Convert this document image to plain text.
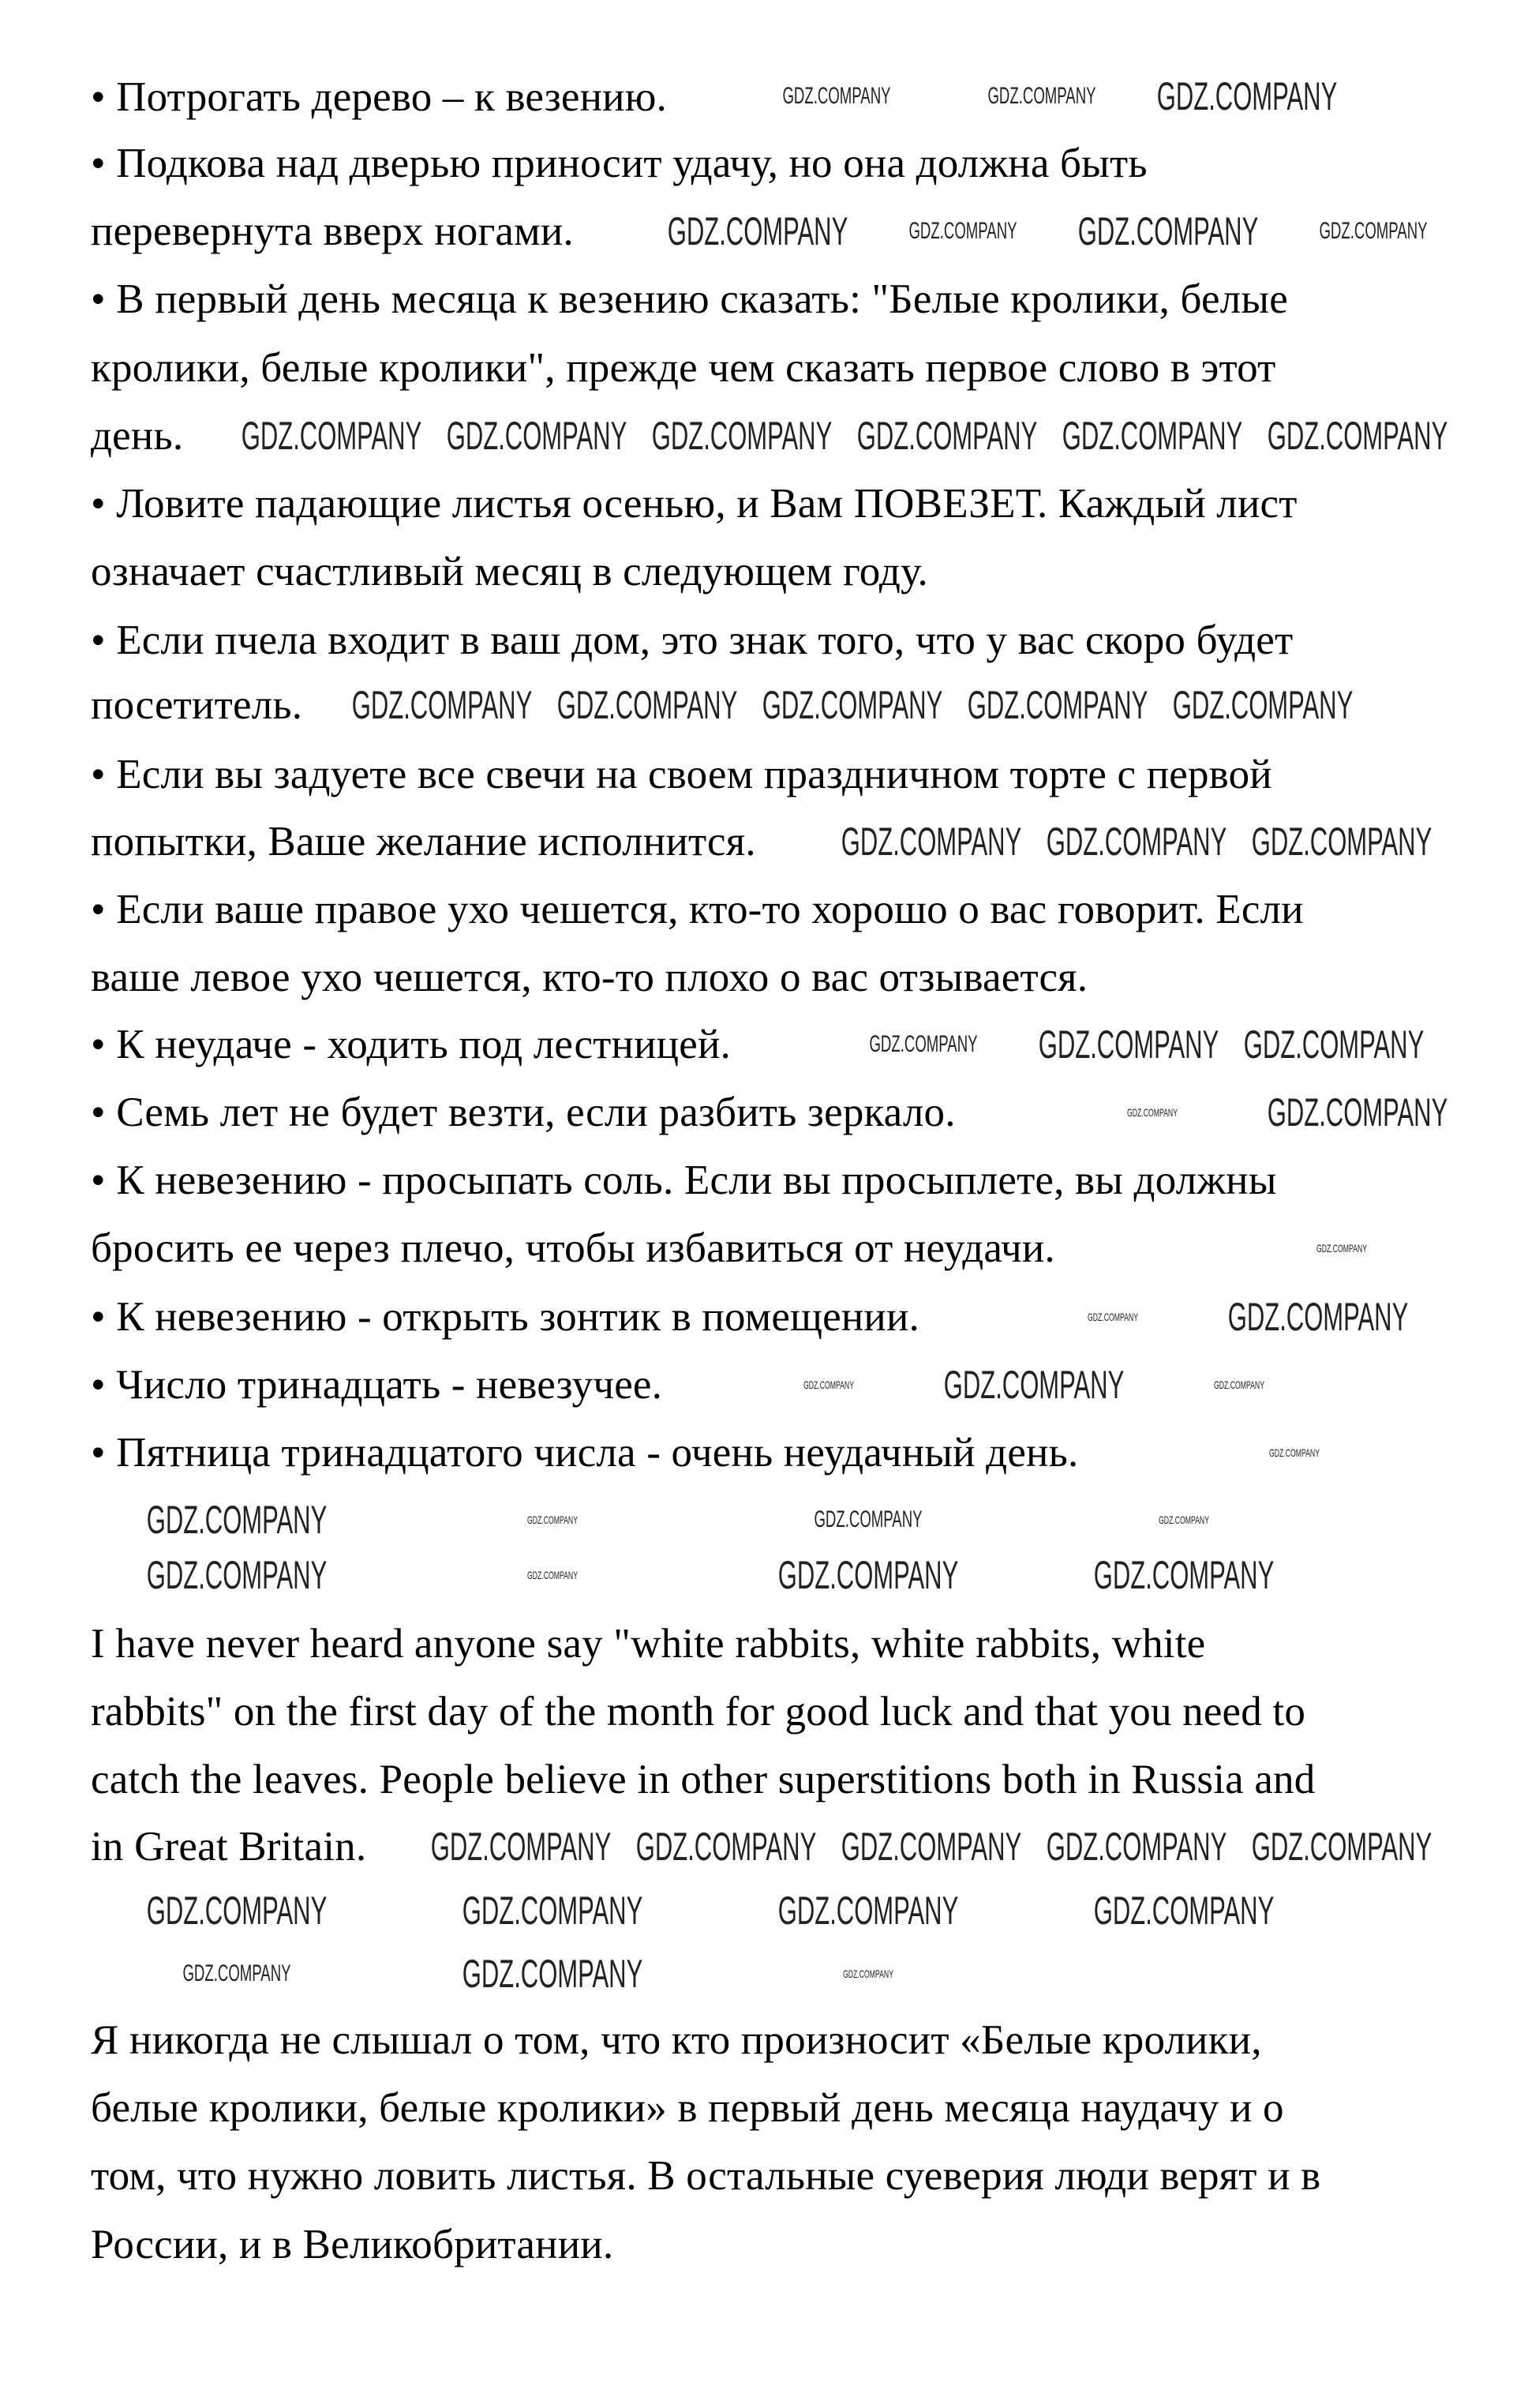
• Потрогать дерево – к везению.
• Подкова над дверью приносит удачу, но она должна быть
перевернута вверх ногами.
• В первый день месяца к везению сказать: "Белые кролики, белые
кролики, белые кролики", прежде чем сказать первое слово в этот
день.
• Ловите падающие листья осенью, и Вам ПОВЕЗЕТ. Каждый лист
означает счастливый месяц в следующем году.
• Если пчела входит в ваш дом, это знак того, что у вас скоро будет
посетитель.
• Если вы задуете все свечи на своем праздничном торте с первой
попытки, Ваше желание исполнится.
• Если ваше правое ухо чешется, кто-то хорошо о вас говорит. Если
ваше левое ухо чешется, кто-то плохо о вас отзывается.
• К неудаче - ходить под лестницей.
• Семь лет не будет везти, если разбить зеркало.
• К невезению - просыпать соль. Если вы просыплете, вы должны
бросить ее через плечо, чтобы избавиться от неудачи.
• К невезению - открыть зонтик в помещении.
• Число тринадцать - невезучее.
• Пятница тринадцатого числа - очень неудачный день.
I have never heard anyone say "white rabbits, white rabbits, white
rabbits" on the first day of the month for good luck and that you need to
catch the leaves. People believe in other superstitions both in Russia and
in Great Britain.
Я никогда не слышал о том, что кто произносит «Белые кролики,
белые кролики, белые кролики» в первый день месяца наудачу и о
том, что нужно ловить листья. В остальные суеверия люди верят и в
России, и в Великобритании.
GDZ.COMPANY	GDZ.COMPANY GDZ.COMPANY
GDZ.COMPANY	GDZ.COMPANY GDZ.COMPANY	GDZ.COMPANY
GDZ.COMPANY GDZ.COMPANY GDZ.COMPANY GDZ.COMPANY GDZ.COMPANY GDZ.COMPANY
GDZ.COMPANY GDZ.COMPANY GDZ.COMPANY GDZ.COMPANY GDZ.COMPANY
GDZ.COMPANY GDZ.COMPANY GDZ.COMPANY
GDZ.COMPANY GDZ.COMPANY GDZ.COMPANY
GDZ.COMPANY GDZ.COMPANY
GDZ.COMPANY
GDZ.COMPANY GDZ.COMPANY
GDZ.COMPANY GDZ.COMPANY	GDZ.COMPANY
GDZ.COMPANY
GDZ.COMPANY	GDZ.COMPANY	GDZ.COMPANY	GDZ.COMPANY
GDZ.COMPANY	GDZ.COMPANY	GDZ.COMPANY	GDZ.COMPANY
GDZ.COMPANY GDZ.COMPANY GDZ.COMPANY GDZ.COMPANY GDZ.COMPANY
GDZ.COMPANY	GDZ.COMPANY	GDZ.COMPANY	GDZ.COMPANY
GDZ.COMPANY	GDZ.COMPANY	GDZ.COMPANY
